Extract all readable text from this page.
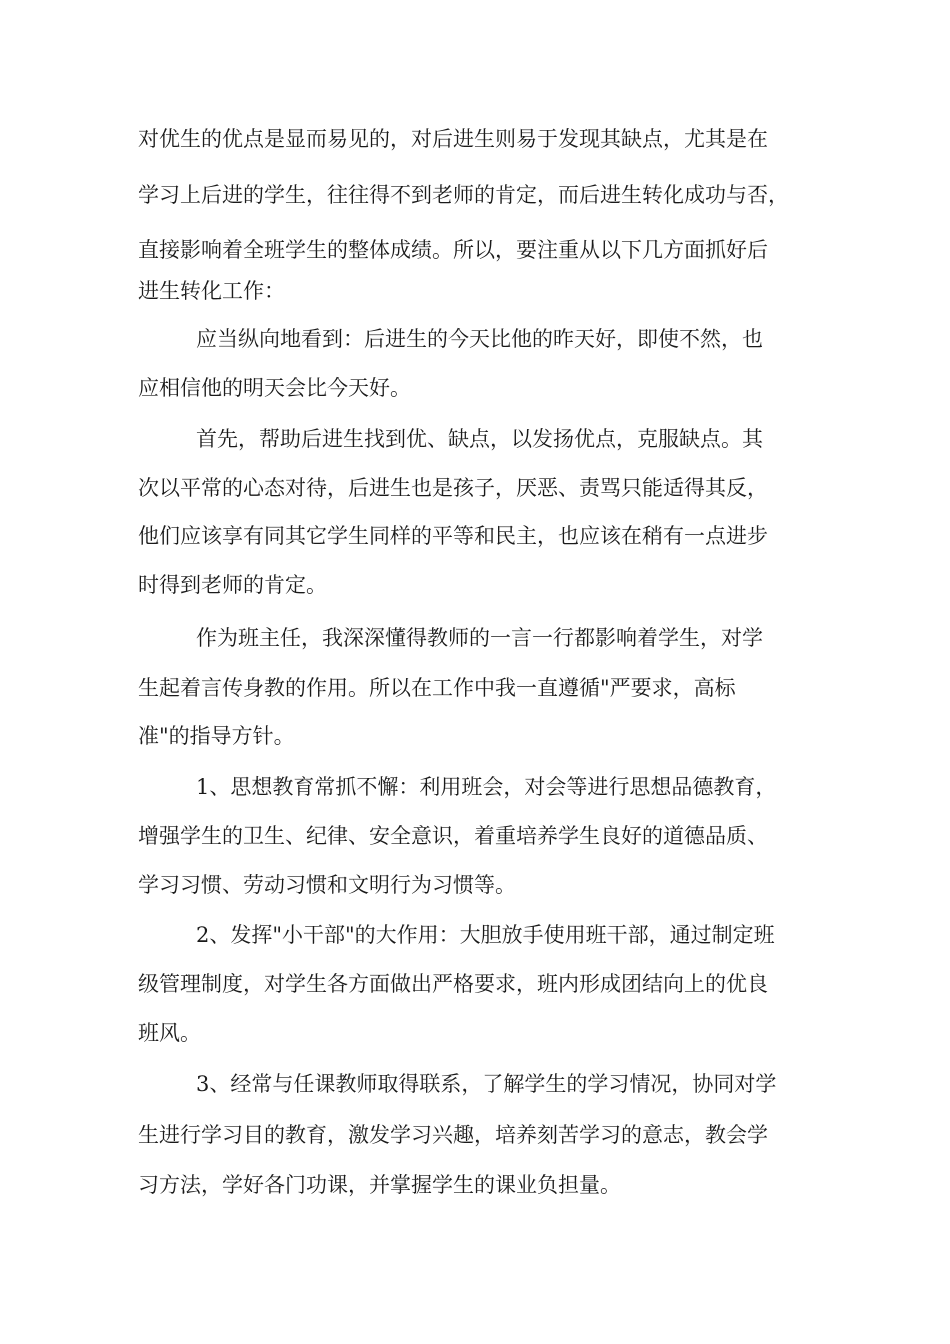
对优生的优点是显而易见的，对后进生则易于发现其缺点，尤其是在
学习上后进的学生，往往得不到老师的肯定，而后进生转化成功与否，
直接影响着全班学生的整体成绩。所以，要注重从以下几方面抓好后
进生转化工作：
应当纵向地看到：后进生的今天比他的昨天好，即使不然，也
应相信他的明天会比今天好。
首先，帮助后进生找到优、缺点，以发扬优点，克服缺点。其
次以平常的心态对待，后进生也是孩子，厌恶、责骂只能适得其反，
他们应该享有同其它学生同样的平等和民主，也应该在稍有一点进步
时得到老师的肯定。
作为班主任，我深深懂得教师的一言一行都影响着学生，对学
生起着言传身教的作用。所以在工作中我一直遵循"严要求，高标
准"的指导方针。
1、思想教育常抓不懈：利用班会，对会等进行思想品德教育，
增强学生的卫生、纪律、安全意识，着重培养学生良好的道德品质、
学习习惯、劳动习惯和文明行为习惯等。
2、发挥"小干部"的大作用：大胆放手使用班干部，通过制定班
级管理制度，对学生各方面做出严格要求，班内形成团结向上的优良
班风。
3、经常与任课教师取得联系，了解学生的学习情况，协同对学
生进行学习目的教育，激发学习兴趣，培养刻苦学习的意志，教会学
习方法，学好各门功课，并掌握学生的课业负担量。
